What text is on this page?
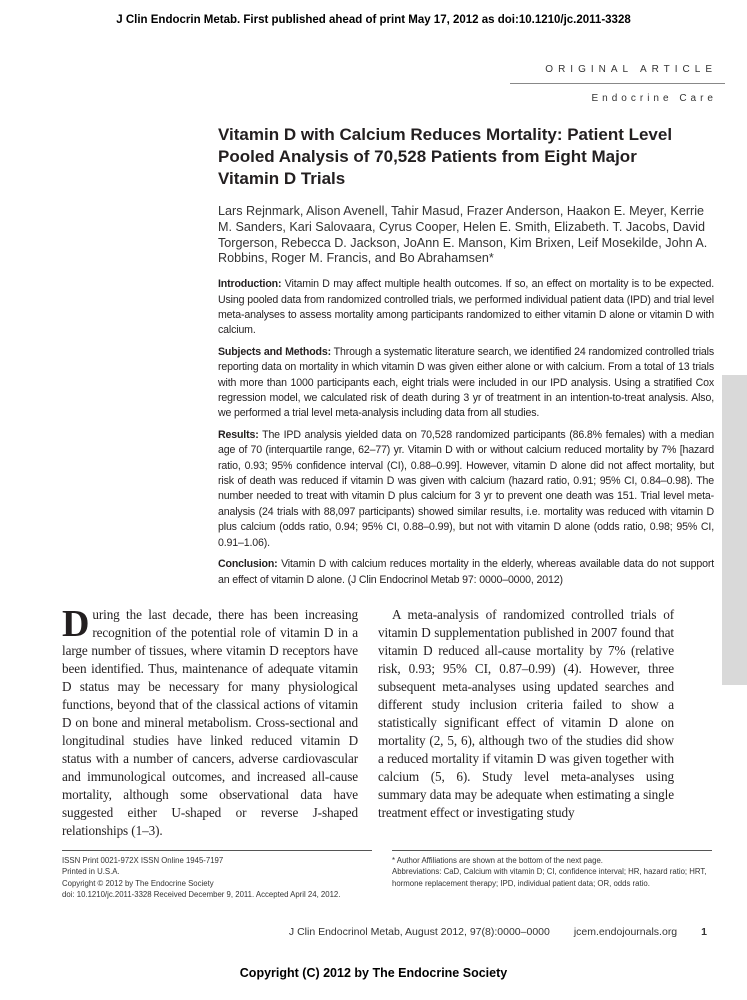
J Clin Endocrin Metab. First published ahead of print May 17, 2012 as doi:10.1210/jc.2011-3328
ORIGINAL ARTICLE
Endocrine Care
Vitamin D with Calcium Reduces Mortality: Patient Level Pooled Analysis of 70,528 Patients from Eight Major Vitamin D Trials
Lars Rejnmark, Alison Avenell, Tahir Masud, Frazer Anderson, Haakon E. Meyer, Kerrie M. Sanders, Kari Salovaara, Cyrus Cooper, Helen E. Smith, Elizabeth. T. Jacobs, David Torgerson, Rebecca D. Jackson, JoAnn E. Manson, Kim Brixen, Leif Mosekilde, John A. Robbins, Roger M. Francis, and Bo Abrahamsen*

Introduction: Vitamin D may affect multiple health outcomes. If so, an effect on mortality is to be expected. Using pooled data from randomized controlled trials, we performed individual patient data (IPD) and trial level meta-analyses to assess mortality among participants randomized to either vitamin D alone or vitamin D with calcium.

Subjects and Methods: Through a systematic literature search, we identified 24 randomized controlled trials reporting data on mortality in which vitamin D was given either alone or with calcium. From a total of 13 trials with more than 1000 participants each, eight trials were included in our IPD analysis. Using a stratified Cox regression model, we calculated risk of death during 3 yr of treatment in an intention-to-treat analysis. Also, we performed a trial level meta-analysis including data from all studies.

Results: The IPD analysis yielded data on 70,528 randomized participants (86.8% females) with a median age of 70 (interquartile range, 62–77) yr. Vitamin D with or without calcium reduced mortality by 7% [hazard ratio, 0.93; 95% confidence interval (CI), 0.88–0.99]. However, vitamin D alone did not affect mortality, but risk of death was reduced if vitamin D was given with calcium (hazard ratio, 0.91; 95% CI, 0.84–0.98). The number needed to treat with vitamin D plus calcium for 3 yr to prevent one death was 151. Trial level meta-analysis (24 trials with 88,097 participants) showed similar results, i.e. mortality was reduced with vitamin D plus calcium (odds ratio, 0.94; 95% CI, 0.88–0.99), but not with vitamin D alone (odds ratio, 0.98; 95% CI, 0.91–1.06).

Conclusion: Vitamin D with calcium reduces mortality in the elderly, whereas available data do not support an effect of vitamin D alone. (J Clin Endocrinol Metab 97: 0000–0000, 2012)

During the last decade, there has been increasing recognition of the potential role of vitamin D in a large number of tissues, where vitamin D receptors have been identified. Thus, maintenance of adequate vitamin D status may be necessary for many physiological functions, beyond that of the classical actions of vitamin D on bone and mineral metabolism. Cross-sectional and longitudinal studies have linked reduced vitamin D status with a number of cancers, adverse cardiovascular and immunological outcomes, and increased all-cause mortality, although some observational data have suggested either U-shaped or reverse J-shaped relationships (1–3).
A meta-analysis of randomized controlled trials of vitamin D supplementation published in 2007 found that vitamin D reduced all-cause mortality by 7% (relative risk, 0.93; 95% CI, 0.87–0.99) (4). However, three subsequent meta-analyses using updated searches and different study inclusion criteria failed to show a statistically significant effect of vitamin D alone on mortality (2, 5, 6), although two of the studies did show a reduced mortality if vitamin D was given together with calcium (5, 6). Study level meta-analyses using summary data may be adequate when estimating a single treatment effect or investigating study
ISSN Print 0021-972X ISSN Online 1945-7197
Printed in U.S.A.
Copyright © 2012 by The Endocrine Society
doi: 10.1210/jc.2011-3328 Received December 9, 2011. Accepted April 24, 2012.
* Author Affiliations are shown at the bottom of the next page.
Abbreviations: CaD, Calcium with vitamin D; CI, confidence interval; HR, hazard ratio; HRT, hormone replacement therapy; IPD, individual patient data; OR, odds ratio.
J Clin Endocrinol Metab, August 2012, 97(8):0000–0000 jcem.endojournals.org 1
Copyright (C) 2012 by The Endocrine Society
